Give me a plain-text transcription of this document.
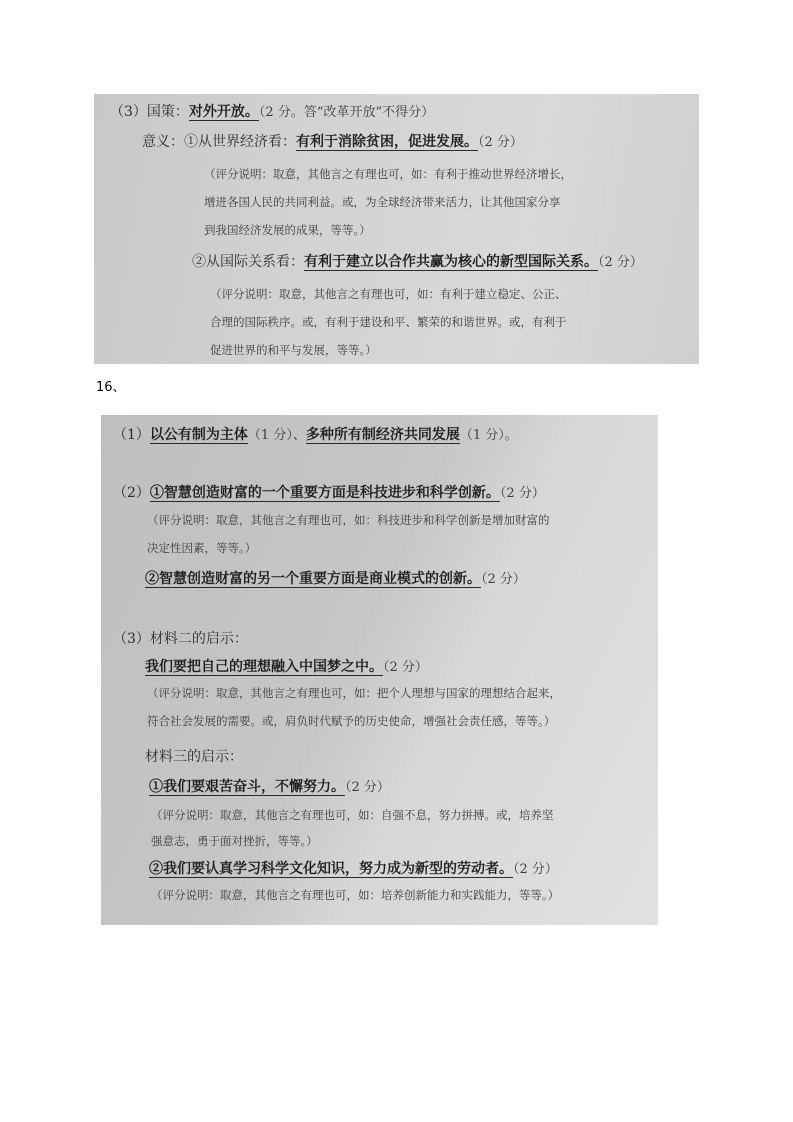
（3）国策：对外开放。（2 分。答“改革开放”不得分）
意义：①从世界经济看：有利于消除贫困，促进发展。（2 分）
（评分说明：取意，其他言之有理也可，如：有利于推动世界经济增长，
增进各国人民的共同利益。或，为全球经济带来活力，让其他国家分享
到我国经济发展的成果，等等。）
②从国际关系看：有利于建立以合作共赢为核心的新型国际关系。（2 分）
（评分说明：取意，其他言之有理也可，如：有利于建立稳定、公正、
合理的国际秩序。或，有利于建设和平、繁荣的和谐世界。或，有利于
促进世界的和平与发展，等等。）
16、
（1）以公有制为主体（1 分）、多种所有制经济共同发展（1 分）。
（2）①智慧创造财富的一个重要方面是科技进步和科学创新。（2 分）
（评分说明：取意，其他言之有理也可，如：科技进步和科学创新是增加财富的
决定性因素，等等。）
②智慧创造财富的另一个重要方面是商业模式的创新。（2 分）
（3）材料二的启示：
我们要把自己的理想融入中国梦之中。（2 分）
（评分说明：取意，其他言之有理也可，如：把个人理想与国家的理想结合起来，
符合社会发展的需要。或，肩负时代赋予的历史使命，增强社会责任感，等等。）
材料三的启示：
①我们要艰苦奋斗，不懈努力。（2 分）
（评分说明：取意，其他言之有理也可，如：自强不息，努力拼搏。或，培养坚
强意志，勇于面对挫折，等等。）
②我们要认真学习科学文化知识，努力成为新型的劳动者。（2 分）
（评分说明：取意，其他言之有理也可，如：培养创新能力和实践能力，等等。）
